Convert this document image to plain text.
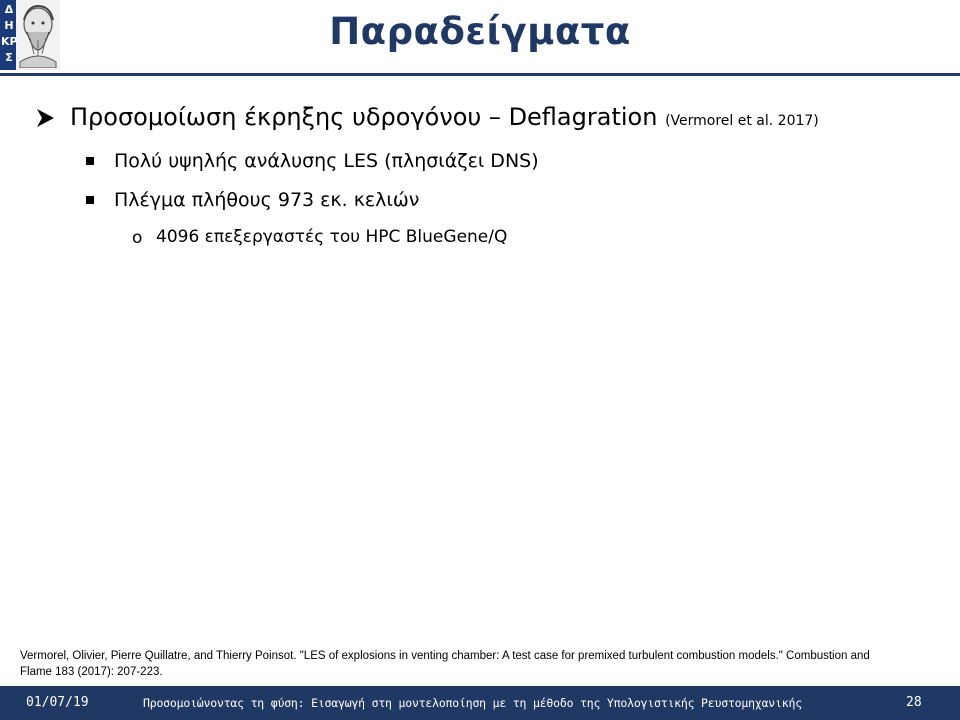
Δ
Η
ΚΡ
Σ
Παραδείγματα
Προσομοίωση έκρηξης υδρογόνου – Deflagration (Vermorel et al. 2017)
Πολύ υψηλής ανάλυσης LES (πλησιάζει DNS)
Πλέγμα πλήθους 973 εκ. κελιών
o 4096 επεξεργαστές του HPC BlueGene/Q
Vermorel, Olivier, Pierre Quillatre, and Thierry Poinsot. "LES of explosions in venting chamber: A test case for premixed turbulent combustion models." Combustion and
Flame 183 (2017): 207-223.
01/07/19	Προσομοιώνοντας τη φύση: Εισαγωγή στη μοντελοποίηση με τη μέθοδο της Υπολογιστικής Ρευστομηχανικής	28
